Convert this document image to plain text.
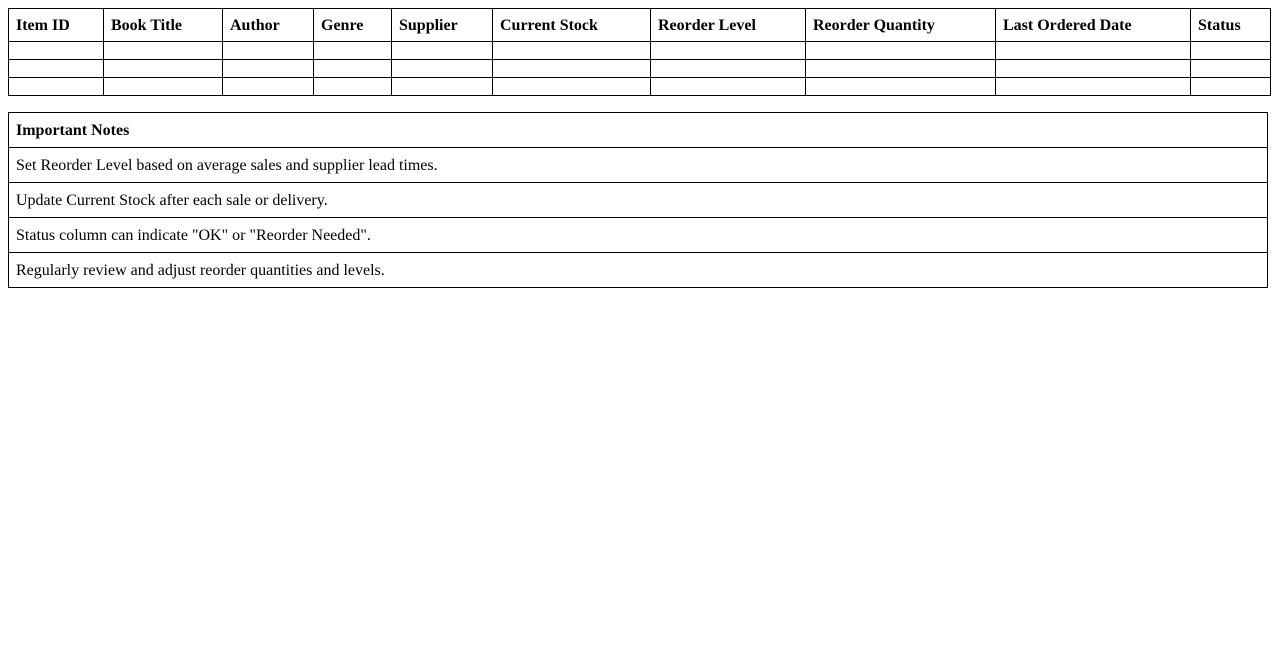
Item ID	Book Title	Author	Genre	Supplier	Current Stock	Reorder Level	Reorder Quantity	Last Ordered Date	Status

Important Notes
Set Reorder Level based on average sales and supplier lead times.
Update Current Stock after each sale or delivery.
Status column can indicate "OK" or "Reorder Needed".
Regularly review and adjust reorder quantities and levels.
